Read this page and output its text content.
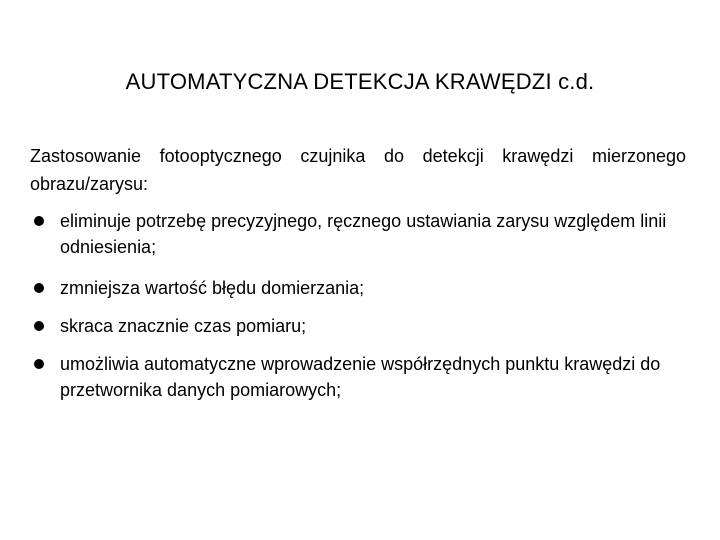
AUTOMATYCZNA DETEKCJA KRAWĘDZI c.d.
Zastosowanie fotooptycznego czujnika do detekcji krawędzi mierzonego obrazu/zarysu:
eliminuje potrzebę precyzyjnego, ręcznego ustawiania zarysu względem linii odniesienia;
zmniejsza wartość błędu domierzania;
skraca znacznie czas pomiaru;
umożliwia automatyczne wprowadzenie współrzędnych punktu krawędzi do przetwornika danych pomiarowych;
